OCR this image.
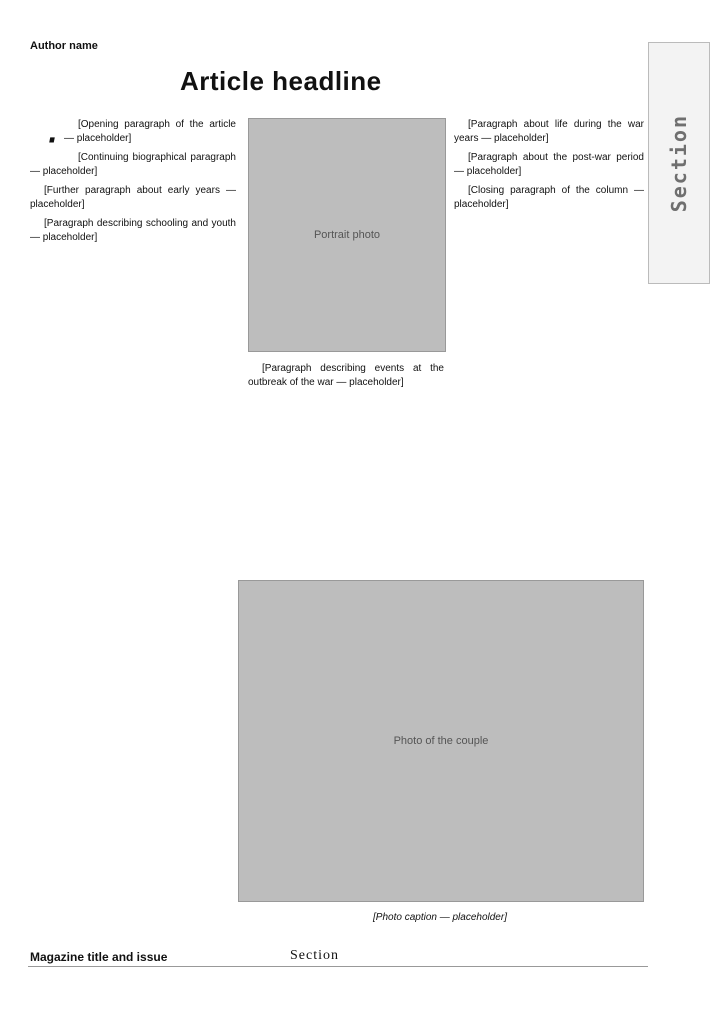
Author name
Article headline
Section

· [Opening paragraph of the article — placeholder]

[Continuing biographical paragraph — placeholder]

[Further paragraph about early years — placeholder]

[Paragraph describing schooling and youth — placeholder]	Portrait photo

[Paragraph describing events at the outbreak of the war — placeholder]

[Paragraph about life during the war years — placeholder]

[Paragraph about the post-war period — placeholder]

[Closing paragraph of the column — placeholder]

Photo of the couple
[Photo caption — placeholder]
Magazine title and issue	Section
